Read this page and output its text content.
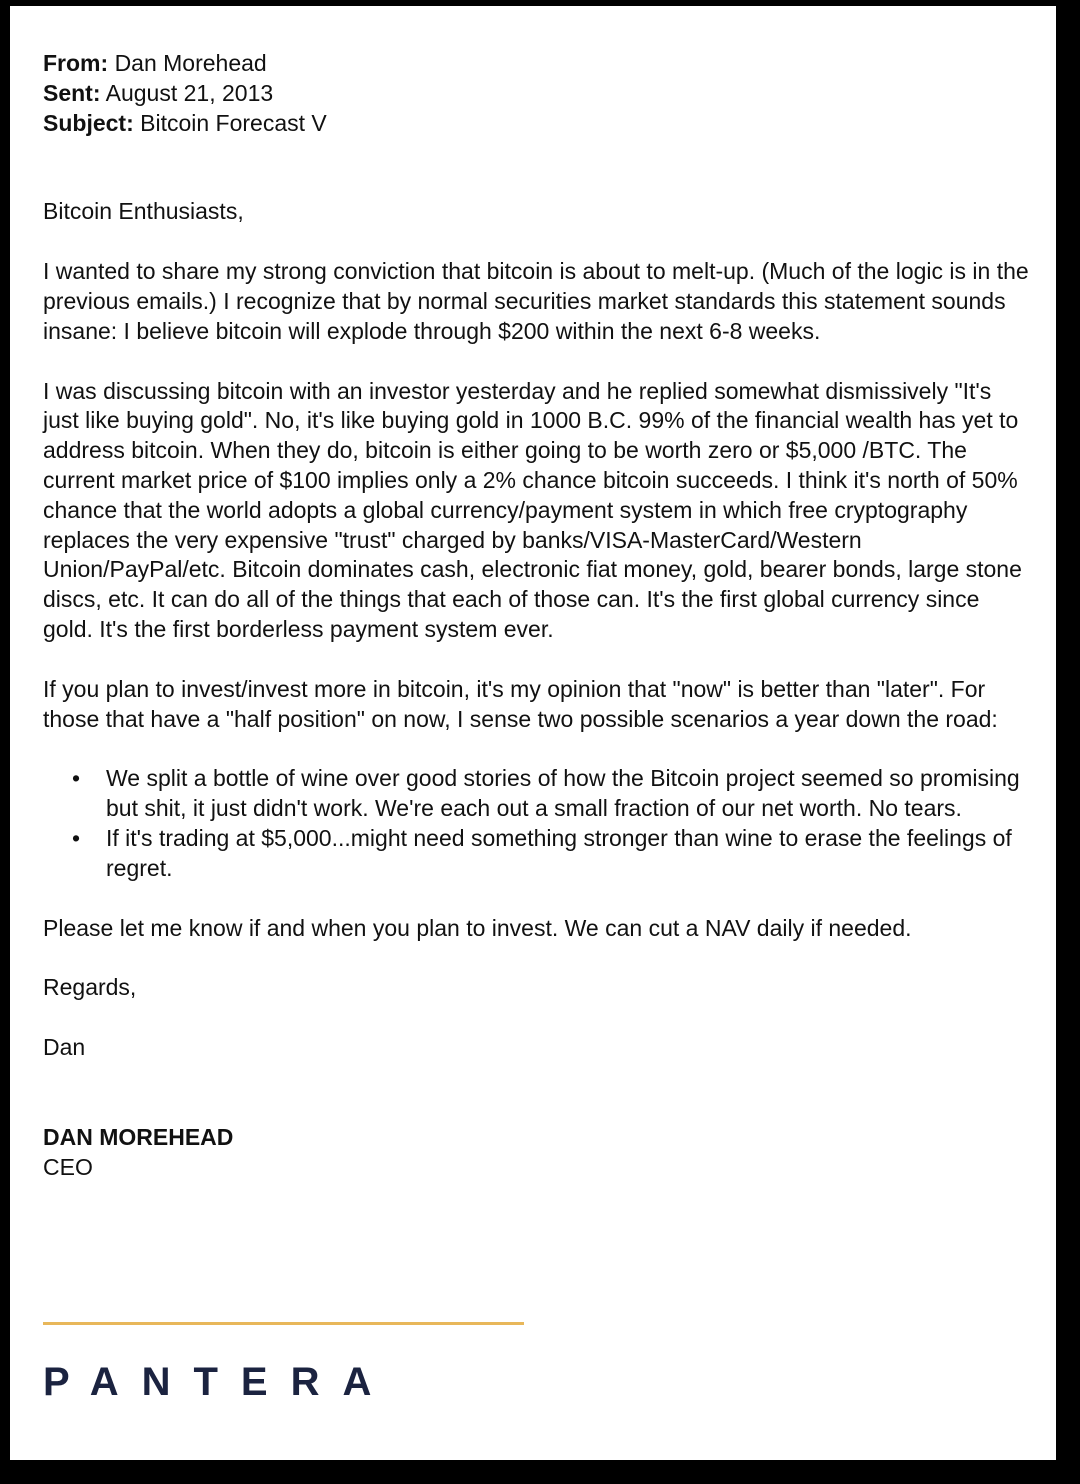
From: Dan Morehead
Sent: August 21, 2013
Subject: Bitcoin Forecast V

Bitcoin Enthusiasts,

I wanted to share my strong conviction that bitcoin is about to melt-up. (Much of the logic is in the previous emails.) I recognize that by normal securities market standards this statement sounds insane: I believe bitcoin will explode through $200 within the next 6-8 weeks.

I was discussing bitcoin with an investor yesterday and he replied somewhat dismissively "It's just like buying gold". No, it's like buying gold in 1000 B.C. 99% of the financial wealth has yet to address bitcoin. When they do, bitcoin is either going to be worth zero or $5,000 /BTC. The current market price of $100 implies only a 2% chance bitcoin succeeds. I think it's north of 50% chance that the world adopts a global currency/payment system in which free cryptography replaces the very expensive "trust" charged by banks/VISA-MasterCard/Western Union/PayPal/etc. Bitcoin dominates cash, electronic fiat money, gold, bearer bonds, large stone discs, etc. It can do all of the things that each of those can. It's the first global currency since gold. It's the first borderless payment system ever.

If you plan to invest/invest more in bitcoin, it's my opinion that "now" is better than "later". For those that have a "half position" on now, I sense two possible scenarios a year down the road:

• We split a bottle of wine over good stories of how the Bitcoin project seemed so promising but shit, it just didn't work. We're each out a small fraction of our net worth. No tears.
• If it's trading at $5,000...might need something stronger than wine to erase the feelings of regret.

Please let me know if and when you plan to invest. We can cut a NAV daily if needed.

Regards,

Dan

DAN MOREHEAD

CEO

PANTERA
